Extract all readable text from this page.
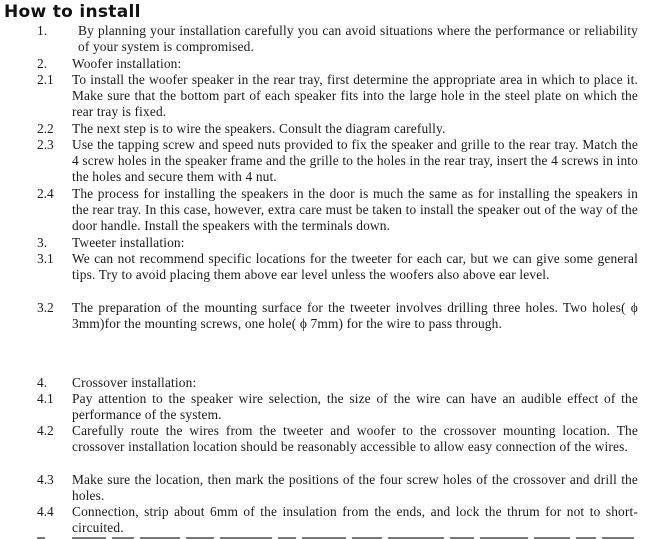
How to install
1.	By planning your installation carefully you can avoid situations where the performance or reliability of your system is compromised.
2.	Woofer installation:
2.1	To install the woofer speaker in the rear tray, first determine the appropriate area in which to place it. Make sure that the bottom part of each speaker fits into the large hole in the steel plate on which the rear tray is fixed.
2.2	The next step is to wire the speakers. Consult the diagram carefully.
2.3	Use the tapping screw and speed nuts provided to fix the speaker and grille to the rear tray. Match the 4 screw holes in the speaker frame and the grille to the holes in the rear tray, insert the 4 screws in into the holes and secure them with 4 nut.
2.4	The process for installing the speakers in the door is much the same as for installing the speakers in the rear tray. In this case, however, extra care must be taken to install the speaker out of the way of the door handle. Install the speakers with the terminals down.
3.	Tweeter installation:
3.1	We can not recommend specific locations for the tweeter for each car, but we can give some general tips. Try to avoid placing them above ear level unless the woofers also above ear level.
3.2	The preparation of the mounting surface for the tweeter involves drilling three holes. Two holes( ϕ 3mm)for the mounting screws, one hole( ϕ 7mm) for the wire to pass through.
4.	Crossover installation:
4.1	Pay attention to the speaker wire selection, the size of the wire can have an audible effect of the performance of the system.
4.2	Carefully route the wires from the tweeter and woofer to the crossover mounting location. The crossover installation location should be reasonably accessible to allow easy connection of the wires.
4.3	Make sure the location, then mark the positions of the four screw holes of the crossover and drill the holes.
4.4	Connection, strip about 6mm of the insulation from the ends, and lock the thrum for not to short-circuited.
